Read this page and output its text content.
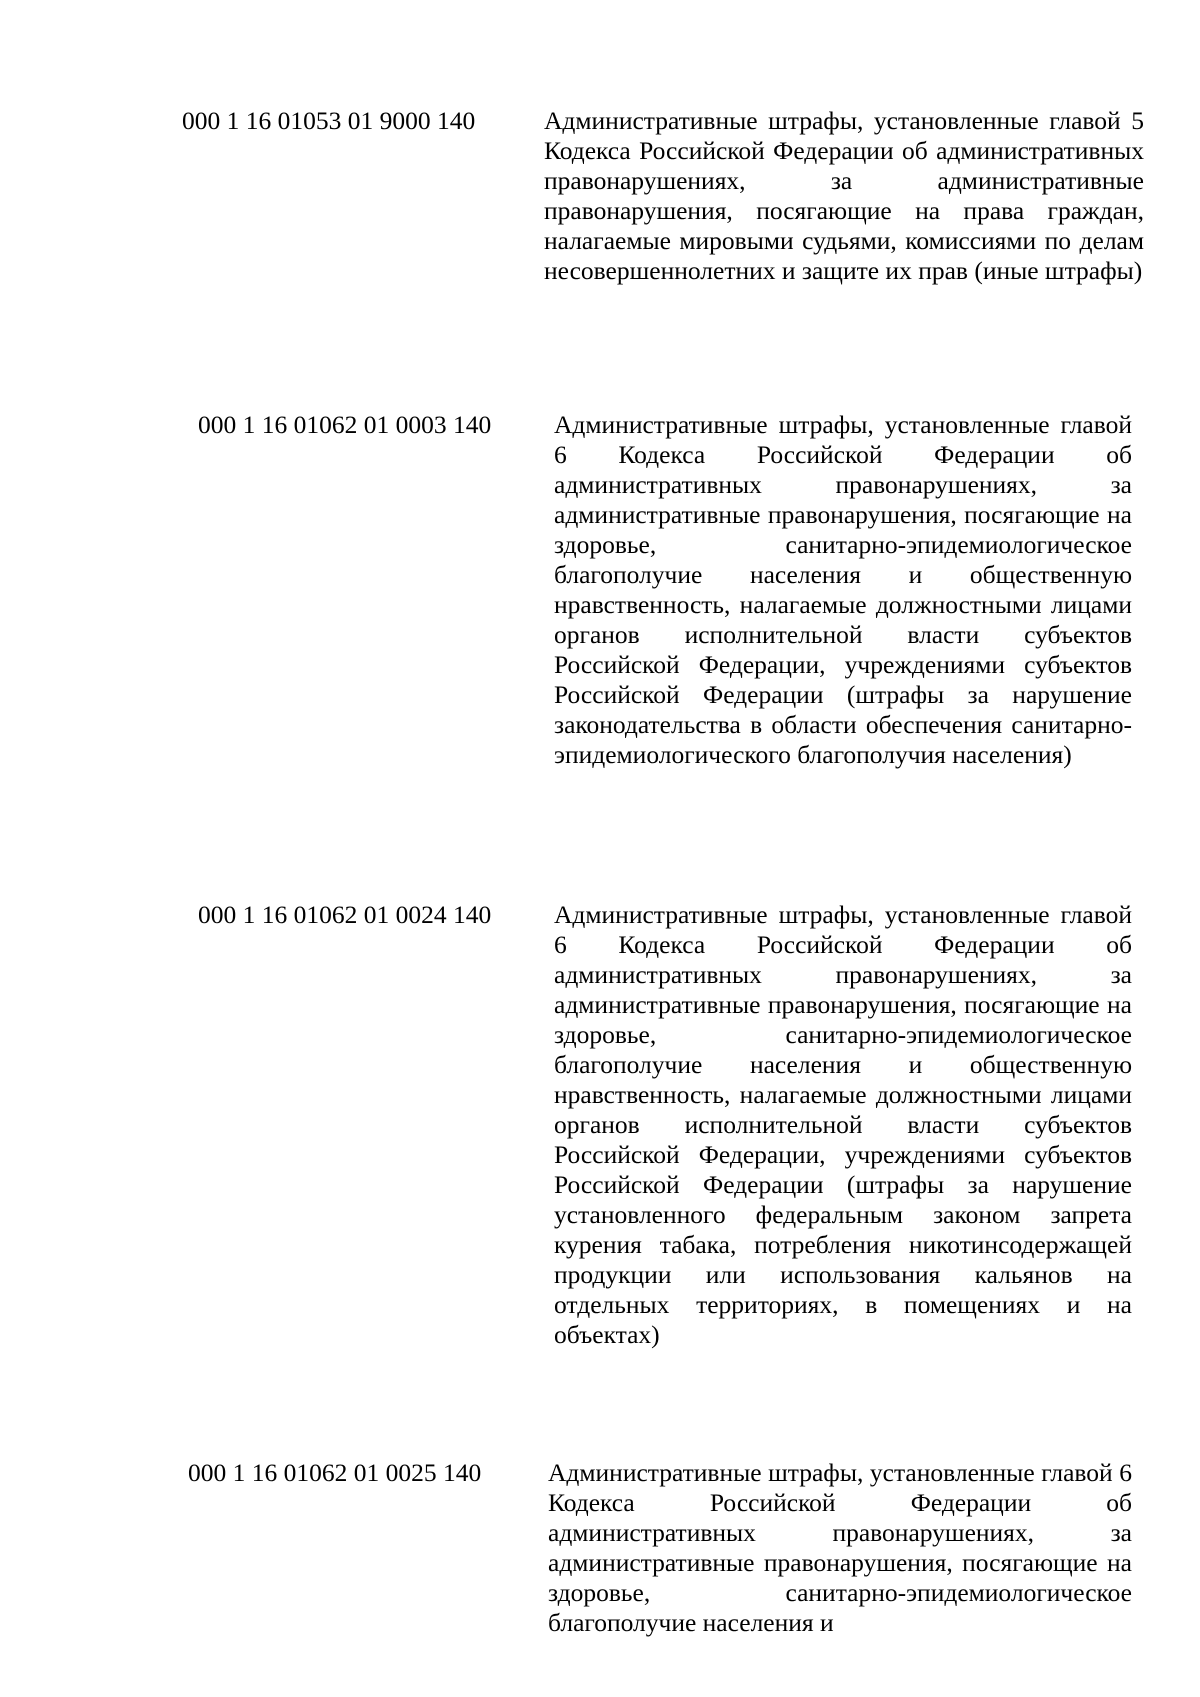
000 1 16 01053 01 9000 140	Административные штрафы, установленные главой 5 Кодекса Российской Федерации об административных правонарушениях, за административные правонарушения, посягающие на права граждан, налагаемые мировыми судьями, комиссиями по делам несовершеннолетних и защите их прав (иные штрафы)
000 1 16 01062 01 0003 140 Административные штрафы, установленные главой 6 Кодекса Российской Федерации об административных правонарушениях, за административные правонарушения, посягающие на здоровье, санитарно-эпидемиологическое благополучие населения и общественную нравственность, налагаемые должностными лицами органов исполнительной власти субъектов Российской Федерации, учреждениями субъектов Российской Федерации (штрафы за нарушение законодательства в области обеспечения санитарно-эпидемиологического благополучия населения)
000 1 16 01062 01 0024 140 Административные штрафы, установленные главой 6 Кодекса Российской Федерации об административных правонарушениях, за административные правонарушения, посягающие на здоровье, санитарно-эпидемиологическое благополучие населения и общественную нравственность, налагаемые должностными лицами органов исполнительной власти субъектов Российской Федерации, учреждениями субъектов Российской Федерации (штрафы за нарушение установленного федеральным законом запрета курения табака, потребления никотинсодержащей продукции или использования кальянов на отдельных территориях, в помещениях и на объектах)
000 1 16 01062 01 0025 140	Административные штрафы, установленные главой 6 Кодекса Российской Федерации об административных правонарушениях, за административные правонарушения, посягающие на здоровье, санитарно-эпидемиологическое благополучие населения и
